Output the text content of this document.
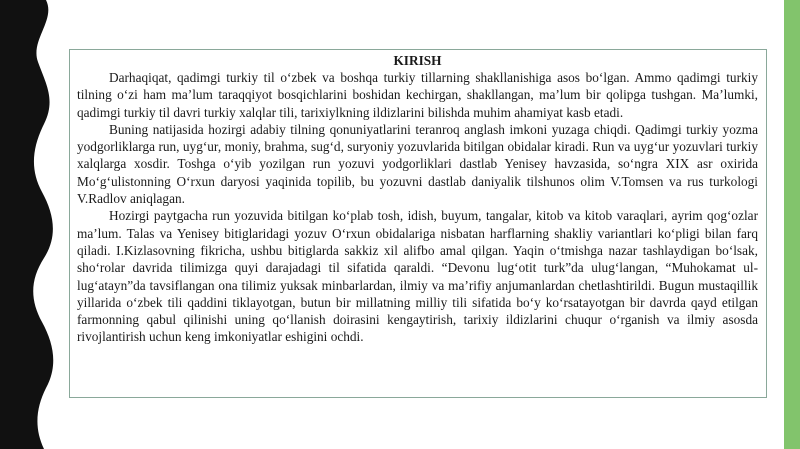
KIRISH

Darhaqiqat, qadimgi turkiy til o‘zbek va boshqa turkiy tillarning shakllanishiga asos bo‘lgan. Ammo qadimgi turkiy tilning o‘zi ham ma’lum taraqqiyot bosqichlarini boshidan kechirgan, shakllangan, ma’lum bir qolipga tushgan. Ma’lumki, qadimgi turkiy til davri turkiy xalqlar tili, tarixiylkning ildizlarini bilishda muhim ahamiyat kasb etadi.

Buning natijasida hozirgi adabiy tilning qonuniyatlarini teranroq anglash imkoni yuzaga chiqdi. Qadimgi turkiy yozma yodgorliklarga run, uyg‘ur, moniy, brahma, sug‘d, suryoniy yozuvlarida bitilgan obidalar kiradi. Run va uyg‘ur yozuvlari turkiy xalqlarga xosdir. Toshga o‘yib yozilgan run yozuvi yodgorliklari dastlab Yenisey havzasida, so‘ngra XIX asr oxirida Mo‘g‘ulistonning O‘rxun daryosi yaqinida topilib, bu yozuvni dastlab daniyalik tilshunos olim V.Tomsen va rus turkologi V.Radlov aniqlagan.

Hozirgi paytgacha run yozuvida bitilgan ko‘plab tosh, idish, buyum, tangalar, kitob va kitob varaqlari, ayrim qog‘ozlar ma’lum. Talas va Yenisey bitiglaridagi yozuv O‘rxun obidalariga nisbatan harflarning shakliy variantlari ko‘pligi bilan farq qiladi. I.Kizlasovning fikricha, ushbu bitiglarda sakkiz xil alifbo amal qilgan. Yaqin o‘tmishga nazar tashlaydigan bo‘lsak, sho‘rolar davrida tilimizga quyi darajadagi til sifatida qaraldi. “Devonu lug‘otit turk”da ulug‘langan, “Muhokamat ul-lug‘atayn”da tavsiflangan ona tilimiz yuksak minbarlardan, ilmiy va ma’rifiy anjumanlardan chetlashtirildi. Bugun mustaqillik yillarida o‘zbek tili qaddini tiklayotgan, butun bir millatning milliy tili sifatida bo‘y ko‘rsatayotgan bir davrda qayd etilgan farmonning qabul qilinishi uning qo‘llanish doirasini kengaytirish, tarixiy ildizlarini chuqur o‘rganish va ilmiy asosda rivojlantirish uchun keng imkoniyatlar eshigini ochdi.
